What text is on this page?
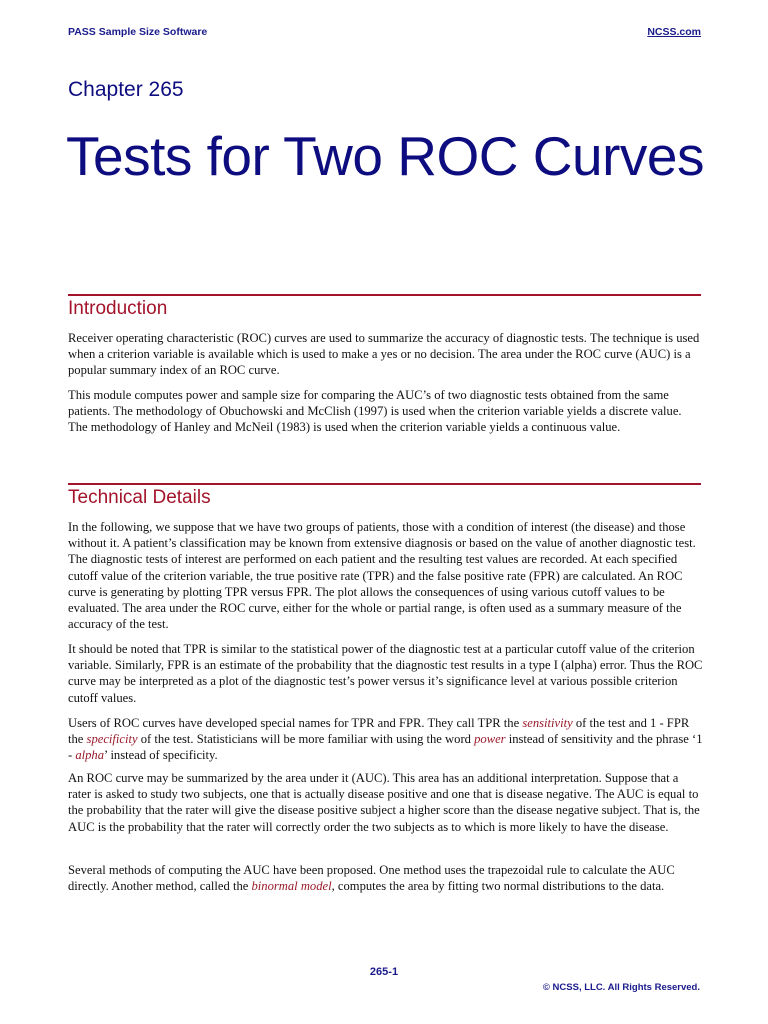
PASS Sample Size Software	NCSS.com
Chapter 265
Tests for Two ROC Curves
Introduction

Receiver operating characteristic (ROC) curves are used to summarize the accuracy of diagnostic tests. The technique is used when a criterion variable is available which is used to make a yes or no decision. The area under the ROC curve (AUC) is a popular summary index of an ROC curve.

This module computes power and sample size for comparing the AUC’s of two diagnostic tests obtained from the same patients. The methodology of Obuchowski and McClish (1997) is used when the criterion variable yields a discrete value. The methodology of Hanley and McNeil (1983) is used when the criterion variable yields a continuous value.

Technical Details

In the following, we suppose that we have two groups of patients, those with a condition of interest (the disease) and those without it. A patient’s classification may be known from extensive diagnosis or based on the value of another diagnostic test. The diagnostic tests of interest are performed on each patient and the resulting test values are recorded. At each specified cutoff value of the criterion variable, the true positive rate (TPR) and the false positive rate (FPR) are calculated. An ROC curve is generating by plotting TPR versus FPR. The plot allows the consequences of using various cutoff values to be evaluated. The area under the ROC curve, either for the whole or partial range, is often used as a summary measure of the accuracy of the test.

It should be noted that TPR is similar to the statistical power of the diagnostic test at a particular cutoff value of the criterion variable. Similarly, FPR is an estimate of the probability that the diagnostic test results in a type I (alpha) error. Thus the ROC curve may be interpreted as a plot of the diagnostic test’s power versus it’s significance level at various possible criterion cutoff values.

Users of ROC curves have developed special names for TPR and FPR. They call TPR the sensitivity of the test and 1 - FPR the specificity of the test. Statisticians will be more familiar with using the word power instead of sensitivity and the phrase ‘1 - alpha’ instead of specificity.

An ROC curve may be summarized by the area under it (AUC). This area has an additional interpretation. Suppose that a rater is asked to study two subjects, one that is actually disease positive and one that is disease negative. The AUC is equal to the probability that the rater will give the disease positive subject a higher score than the disease negative subject. That is, the AUC is the probability that the rater will correctly order the two subjects as to which is more likely to have the disease.

Several methods of computing the AUC have been proposed. One method uses the trapezoidal rule to calculate the AUC directly. Another method, called the binormal model, computes the area by fitting two normal distributions to the data.

265-1
© NCSS, LLC. All Rights Reserved.
